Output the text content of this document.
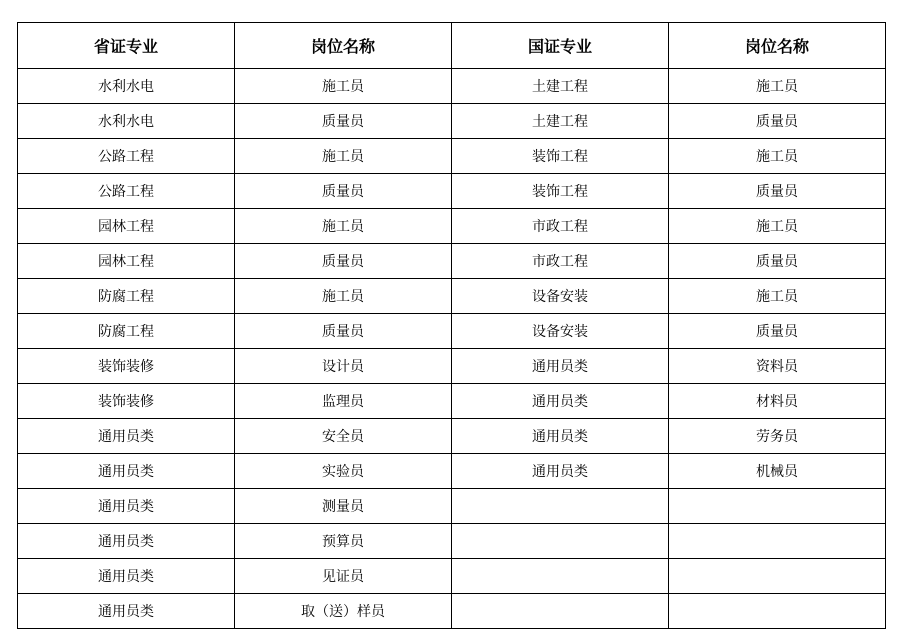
省证专业	岗位名称	国证专业	岗位名称
水利水电	施工员	土建工程	施工员
水利水电	质量员	土建工程	质量员
公路工程	施工员	装饰工程	施工员
公路工程	质量员	装饰工程	质量员
园林工程	施工员	市政工程	施工员
园林工程	质量员	市政工程	质量员
防腐工程	施工员	设备安装	施工员
防腐工程	质量员	设备安装	质量员
装饰装修	设计员	通用员类	资料员
装饰装修	监理员	通用员类	材料员
通用员类	安全员	通用员类	劳务员
通用员类	实验员	通用员类	机械员
通用员类	测量员		
通用员类	预算员		
通用员类	见证员		
通用员类	取（送）样员		
